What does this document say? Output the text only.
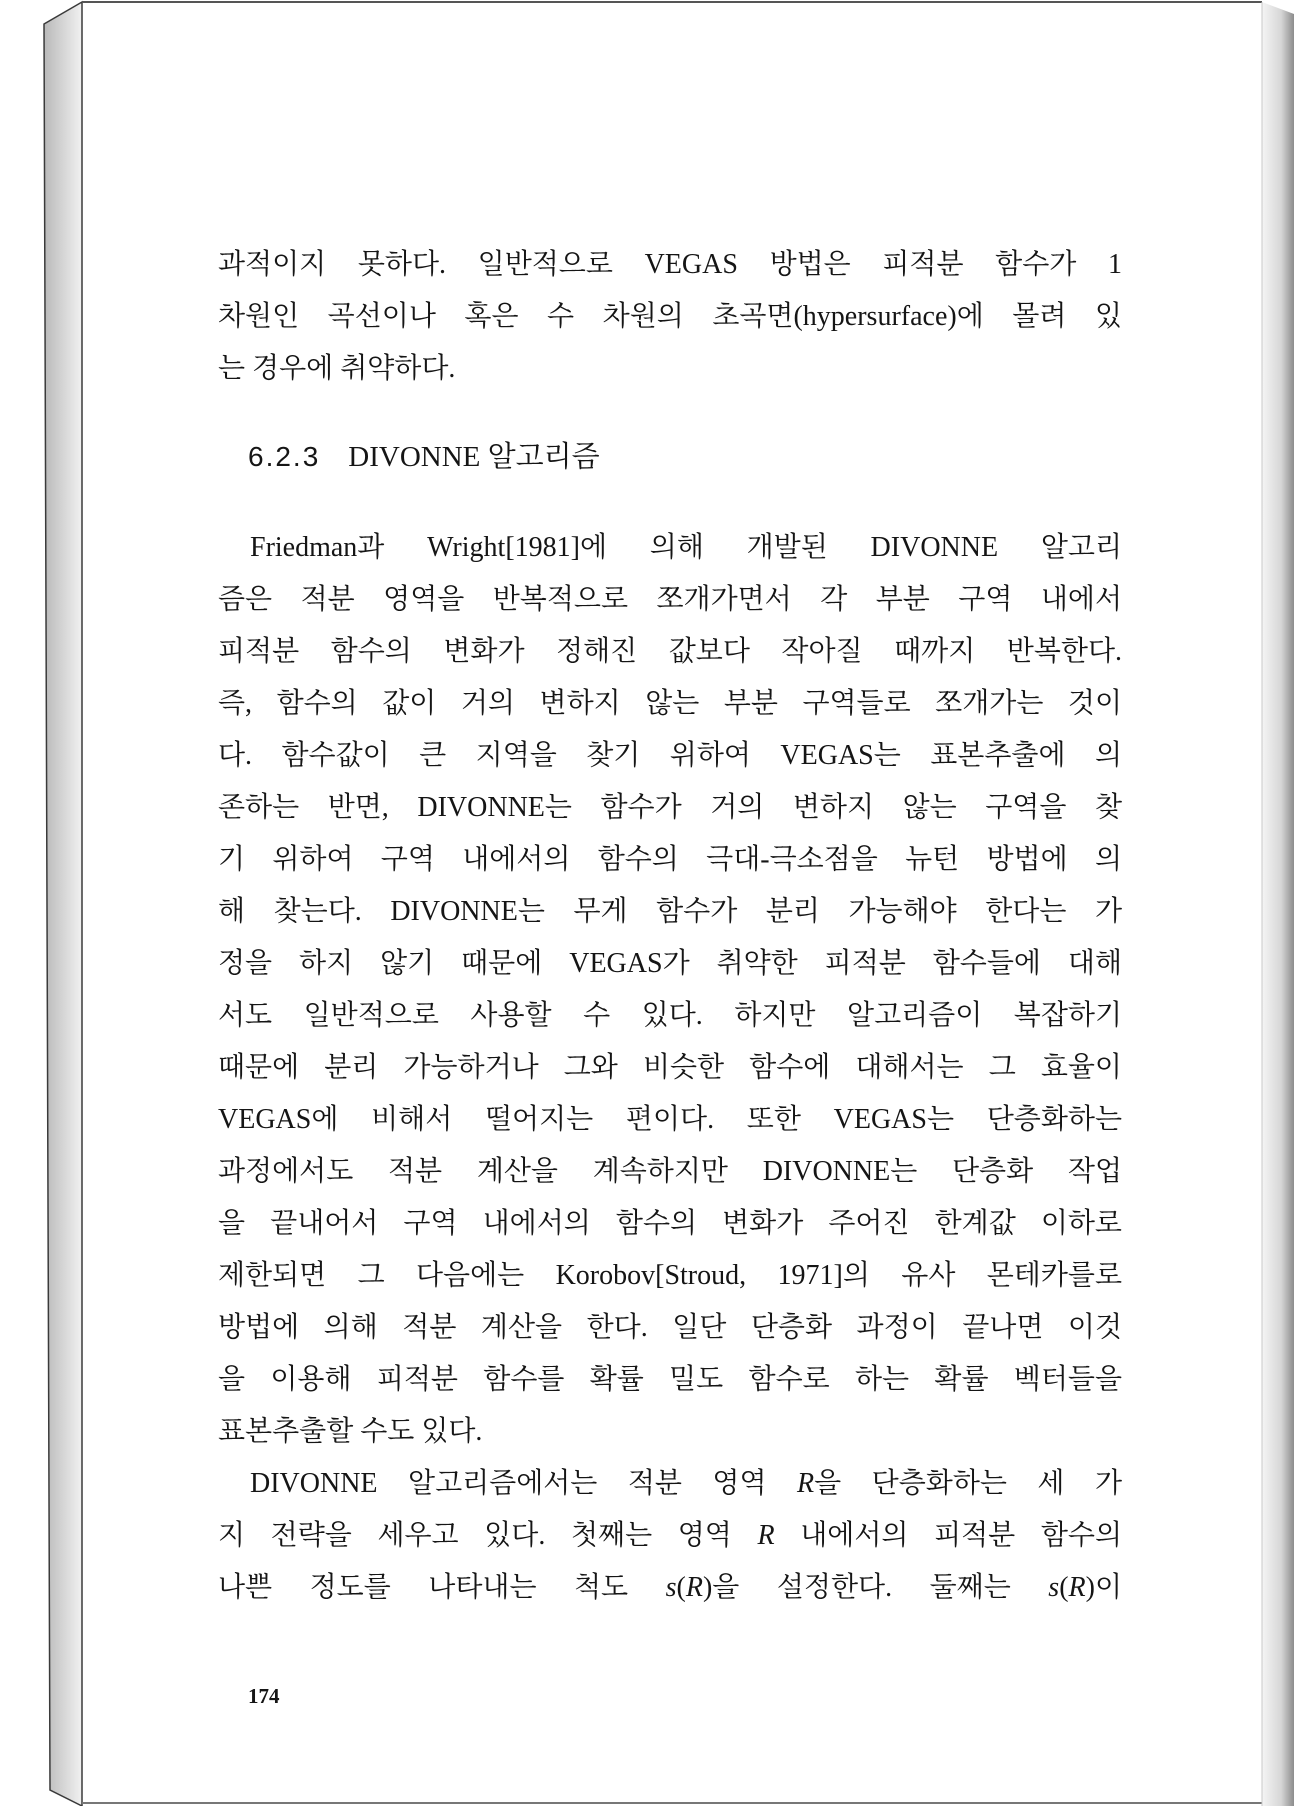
과적이지 못하다. 일반적으로 VEGAS 방법은 피적분 함수가 1
차원인 곡선이나 혹은 수 차원의 초곡면(hypersurface)에 몰려 있
는 경우에 취약하다.
6.2.3 DIVONNE 알고리즘
Friedman과 Wright[1981]에 의해 개발된 DIVONNE 알고리
즘은 적분 영역을 반복적으로 쪼개가면서 각 부분 구역 내에서
피적분 함수의 변화가 정해진 값보다 작아질 때까지 반복한다.
즉, 함수의 값이 거의 변하지 않는 부분 구역들로 쪼개가는 것이
다. 함수값이 큰 지역을 찾기 위하여 VEGAS는 표본추출에 의
존하는 반면, DIVONNE는 함수가 거의 변하지 않는 구역을 찾
기 위하여 구역 내에서의 함수의 극대-극소점을 뉴턴 방법에 의
해 찾는다. DIVONNE는 무게 함수가 분리 가능해야 한다는 가
정을 하지 않기 때문에 VEGAS가 취약한 피적분 함수들에 대해
서도 일반적으로 사용할 수 있다. 하지만 알고리즘이 복잡하기
때문에 분리 가능하거나 그와 비슷한 함수에 대해서는 그 효율이
VEGAS에 비해서 떨어지는 편이다. 또한 VEGAS는 단층화하는
과정에서도 적분 계산을 계속하지만 DIVONNE는 단층화 작업
을 끝내어서 구역 내에서의 함수의 변화가 주어진 한계값 이하로
제한되면 그 다음에는 Korobov[Stroud, 1971]의 유사 몬테카를로
방법에 의해 적분 계산을 한다. 일단 단층화 과정이 끝나면 이것
을 이용해 피적분 함수를 확률 밀도 함수로 하는 확률 벡터들을
표본추출할 수도 있다.
DIVONNE 알고리즘에서는 적분 영역 R을 단층화하는 세 가
지 전략을 세우고 있다. 첫째는 영역 R 내에서의 피적분 함수의
나쁜 정도를 나타내는 척도 s(R)을 설정한다. 둘째는 s(R)이
174
